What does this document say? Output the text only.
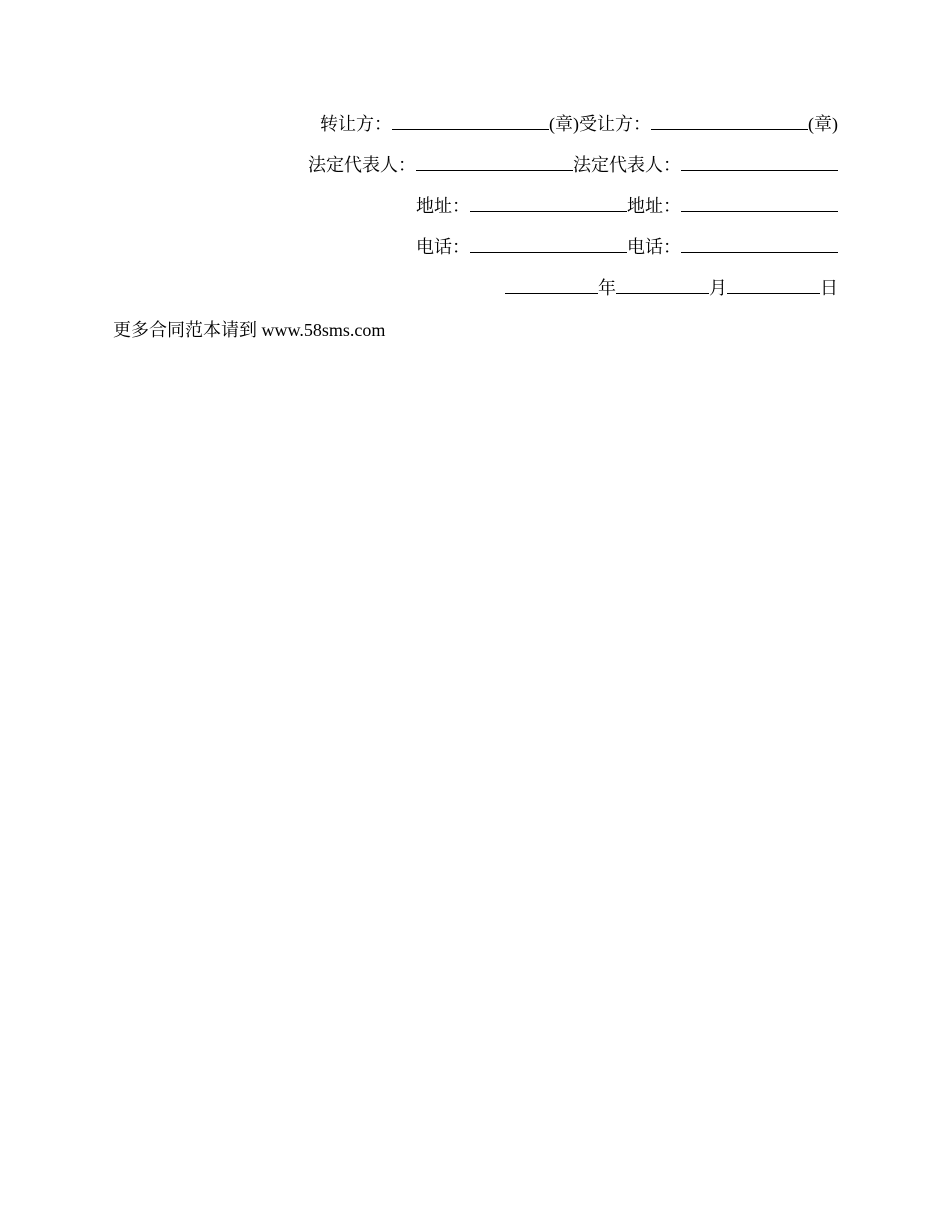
转让方：	(章)受让方：	(章)
法定代表人：	法定代表人：
地址：	地址：
电话：	电话：
年	月	日
更多合同范本请到 www.58sms.com
